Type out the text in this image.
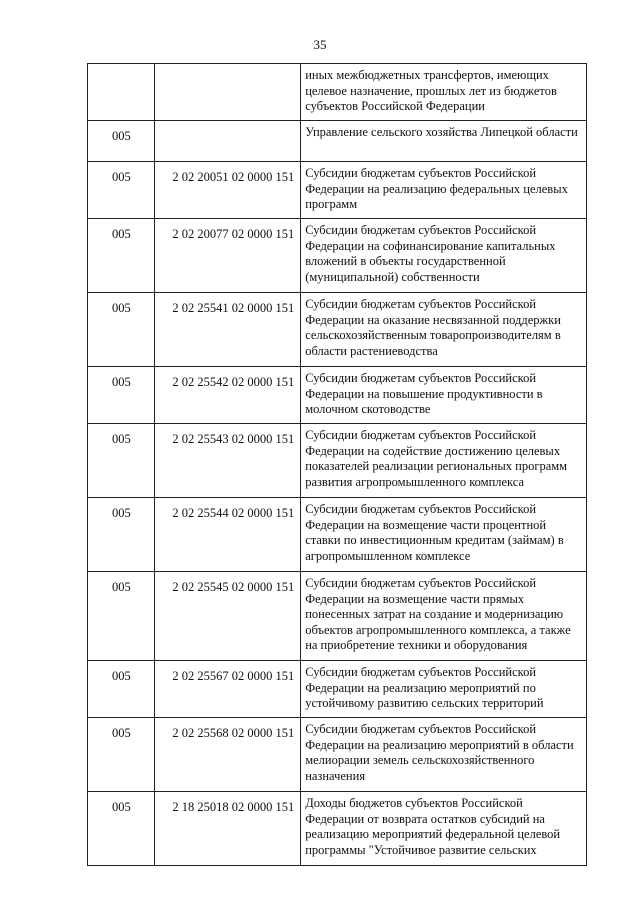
35
		иных межбюджетных трансфертов, имеющих целевое назначение, прошлых лет из бюджетов субъектов Российской Федерации
005		Управление сельского хозяйства Липецкой области
005	2 02 20051 02 0000 151	Субсидии бюджетам субъектов Российской Федерации на реализацию федеральных целевых программ
005	2 02 20077 02 0000 151	Субсидии бюджетам субъектов Российской Федерации на софинансирование капитальных вложений в объекты государственной (муниципальной) собственности
005	2 02 25541 02 0000 151	Субсидии бюджетам субъектов Российской Федерации на оказание несвязанной поддержки сельскохозяйственным товаропроизводителям в области растениеводства
005	2 02 25542 02 0000 151	Субсидии бюджетам субъектов Российской Федерации на повышение продуктивности в молочном скотоводстве
005	2 02 25543 02 0000 151	Субсидии бюджетам субъектов Российской Федерации на содействие достижению целевых показателей реализации региональных программ развития агропромышленного комплекса
005	2 02 25544 02 0000 151	Субсидии бюджетам субъектов Российской Федерации на возмещение части процентной ставки по инвестиционным кредитам (займам) в агропромышленном комплексе
005	2 02 25545 02 0000 151	Субсидии бюджетам субъектов Российской Федерации на возмещение части прямых понесенных затрат на создание и модернизацию объектов агропромышленного комплекса, а также на приобретение техники и оборудования
005	2 02 25567 02 0000 151	Субсидии бюджетам субъектов Российской Федерации на реализацию мероприятий по устойчивому развитию сельских территорий
005	2 02 25568 02 0000 151	Субсидии бюджетам субъектов Российской Федерации на реализацию мероприятий в области мелиорации земель сельскохозяйственного назначения
005	2 18 25018 02 0000 151	Доходы бюджетов субъектов Российской Федерации от возврата остатков субсидий на реализацию мероприятий федеральной целевой программы "Устойчивое развитие сельских
